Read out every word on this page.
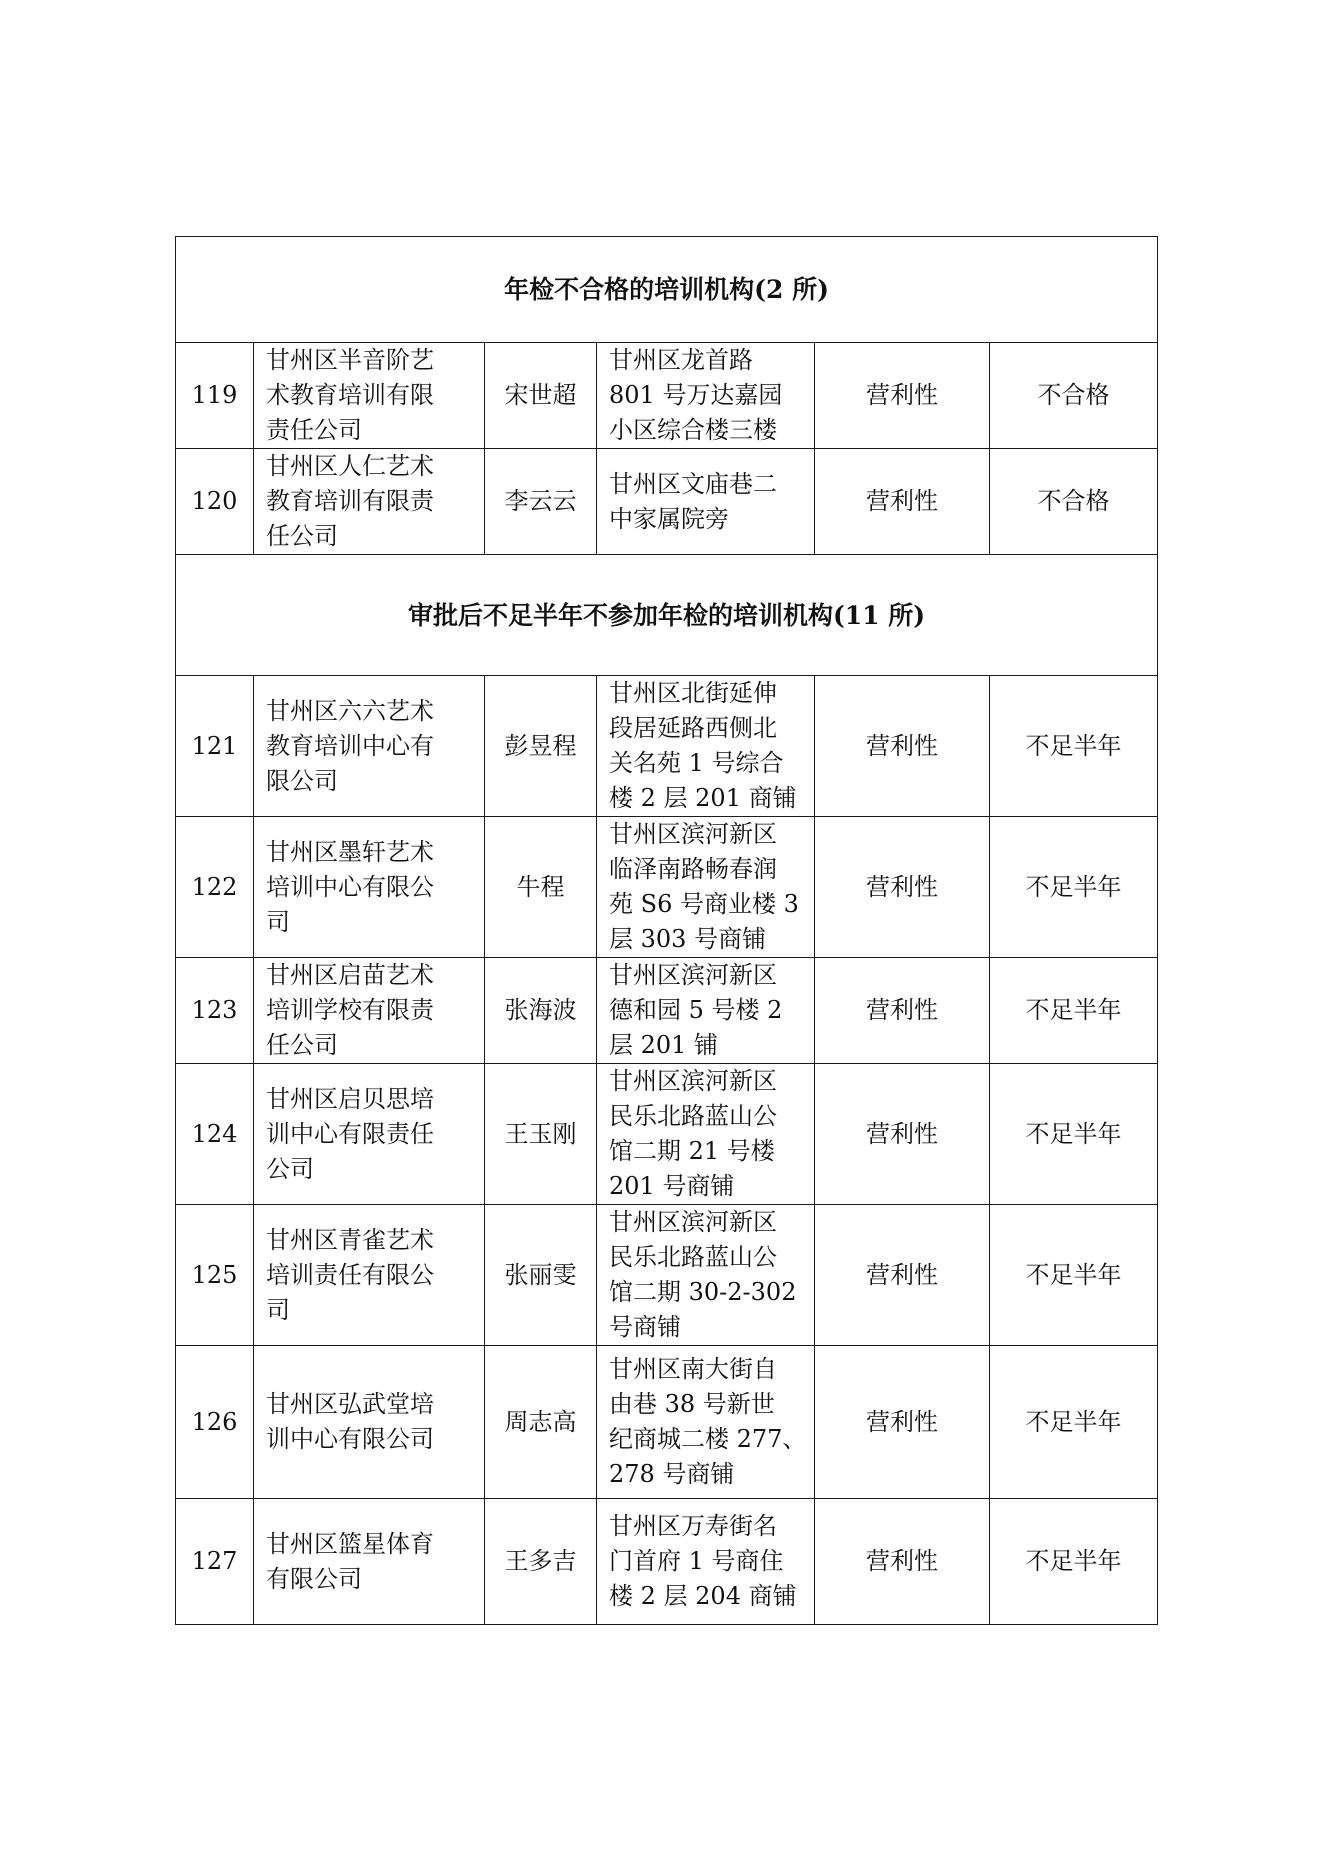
年检不合格的培训机构(2 所)					
119	甘州区半音阶艺
术教育培训有限
责任公司	宋世超	甘州区龙首路
801 号万达嘉园
小区综合楼三楼	营利性	不合格
120	甘州区人仁艺术
教育培训有限责
任公司	李云云	甘州区文庙巷二
中家属院旁	营利性	不合格
审批后不足半年不参加年检的培训机构(11 所)					
121	甘州区六六艺术
教育培训中心有
限公司	彭昱程	甘州区北街延伸
段居延路西侧北
关名苑 1 号综合
楼 2 层 201 商铺	营利性	不足半年
122	甘州区墨轩艺术
培训中心有限公
司	牛程	甘州区滨河新区
临泽南路畅春润
苑 S6 号商业楼 3
层 303 号商铺	营利性	不足半年
123	甘州区启苗艺术
培训学校有限责
任公司	张海波	甘州区滨河新区
德和园 5 号楼 2
层 201 铺	营利性	不足半年
124	甘州区启贝思培
训中心有限责任
公司	王玉刚	甘州区滨河新区
民乐北路蓝山公
馆二期 21 号楼
201 号商铺	营利性	不足半年
125	甘州区青雀艺术
培训责任有限公
司	张丽雯	甘州区滨河新区
民乐北路蓝山公
馆二期 30-2-302
号商铺	营利性	不足半年
126	甘州区弘武堂培
训中心有限公司	周志高	甘州区南大街自
由巷 38 号新世
纪商城二楼 277、
278 号商铺	营利性	不足半年
127	甘州区篮星体育
有限公司	王多吉	甘州区万寿街名
门首府 1 号商住
楼 2 层 204 商铺	营利性	不足半年
